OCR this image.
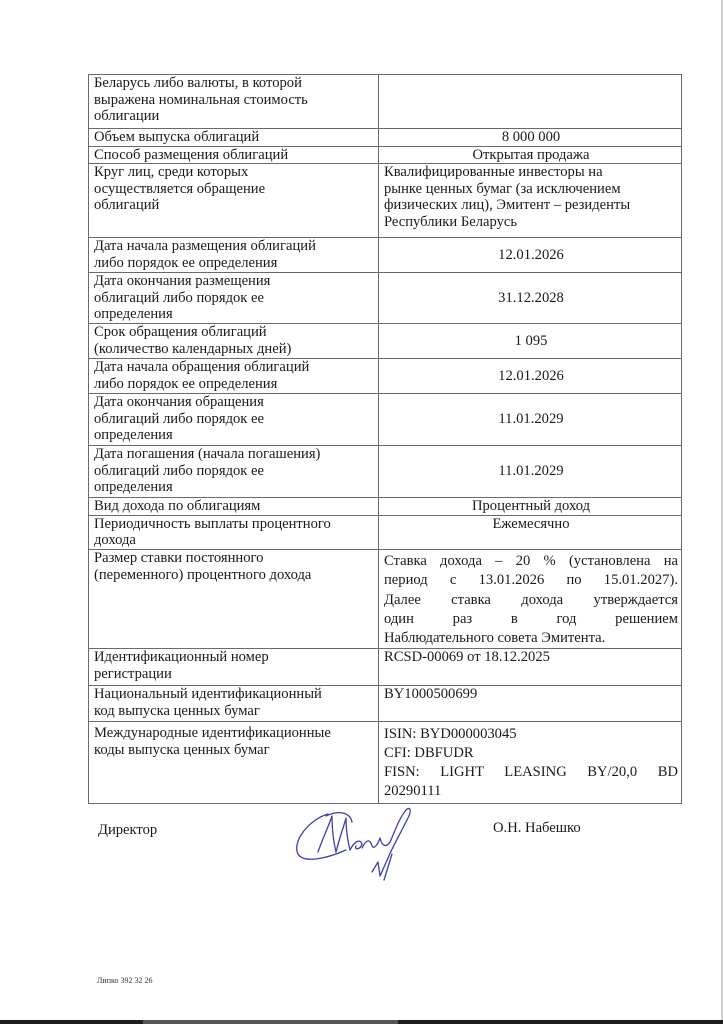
Беларусь либо валюты, в которой
выражена номинальная стоимость
облигации	

Объем выпуска облигаций	8 000 000

Способ размещения облигаций	Открытая продажа

Круг лиц, среди которых
осуществляется обращение
облигаций	Квалифицированные инвесторы на
рынке ценных бумаг (за исключением
физических лиц), Эмитент – резиденты
Республики Беларусь

Дата начала размещения облигаций
либо порядок ее определения	12.01.2026

Дата окончания размещения
облигаций либо порядок ее
определения	31.12.2028

Срок обращения облигаций
(количество календарных дней)	1 095

Дата начала обращения облигаций
либо порядок ее определения	12.01.2026

Дата окончания обращения
облигаций либо порядок ее
определения	11.01.2029

Дата погашения (начала погашения)
облигаций либо порядок ее
определения	11.01.2029

Вид дохода по облигациям	Процентный доход

Периодичность выплаты процентного
дохода	Ежемесячно

Размер ставки постоянного
(переменного) процентного дохода	Ставка дохода – 20 % (установлена на
период с 13.01.2026 по 15.01.2027).
Далее ставка дохода утверждается
один раз в год решением
Наблюдательного совета Эмитента.

Идентификационный номер
регистрации	RCSD-00069 от 18.12.2025

Национальный идентификационный
код выпуска ценных бумаг	BY1000500699

Международные идентификационные
коды выпуска ценных бумаг	ISIN: BYD000003045
CFI: DBFUDR
FISN: LIGHT LEASING BY/20,0 BD
20290111
Директор	О.Н. Набешко
Липко 392 32 26
